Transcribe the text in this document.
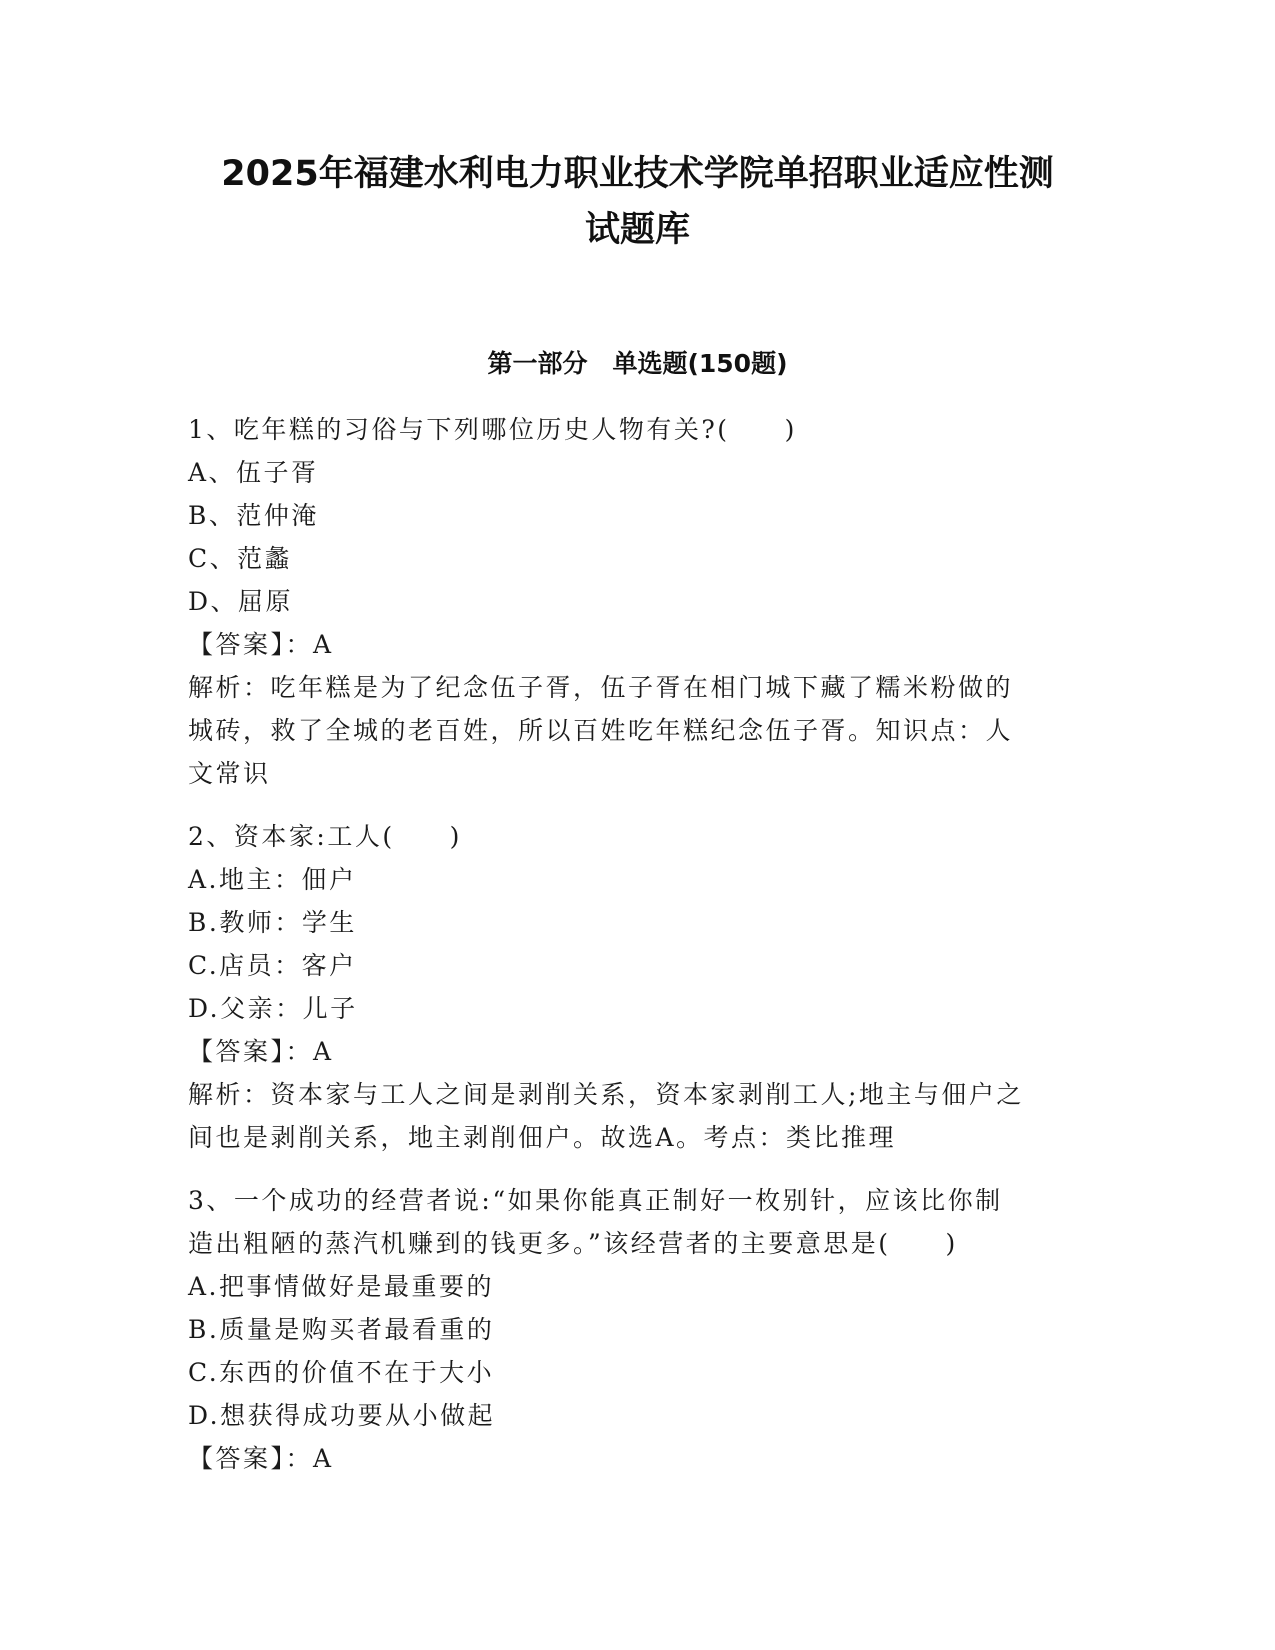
2025年福建水利电力职业技术学院单招职业适应性测
试题库
第一部分　单选题(150题)

1、吃年糕的习俗与下列哪位历史人物有关?(　　)

A、伍子胥

B、范仲淹

C、范蠡

D、屈原

【答案】：A

解析：吃年糕是为了纪念伍子胥，伍子胥在相门城下藏了糯米粉做的

城砖，救了全城的老百姓，所以百姓吃年糕纪念伍子胥。知识点：人

文常识

2、资本家:工人(　　)

A.地主：佃户

B.教师：学生

C.店员：客户

D.父亲：儿子

【答案】：A

解析：资本家与工人之间是剥削关系，资本家剥削工人;地主与佃户之

间也是剥削关系，地主剥削佃户。故选A。考点：类比推理

3、一个成功的经营者说:“如果你能真正制好一枚别针，应该比你制

造出粗陋的蒸汽机赚到的钱更多。”该经营者的主要意思是(　　)

A.把事情做好是最重要的

B.质量是购买者最看重的

C.东西的价值不在于大小

D.想获得成功要从小做起

【答案】：A
